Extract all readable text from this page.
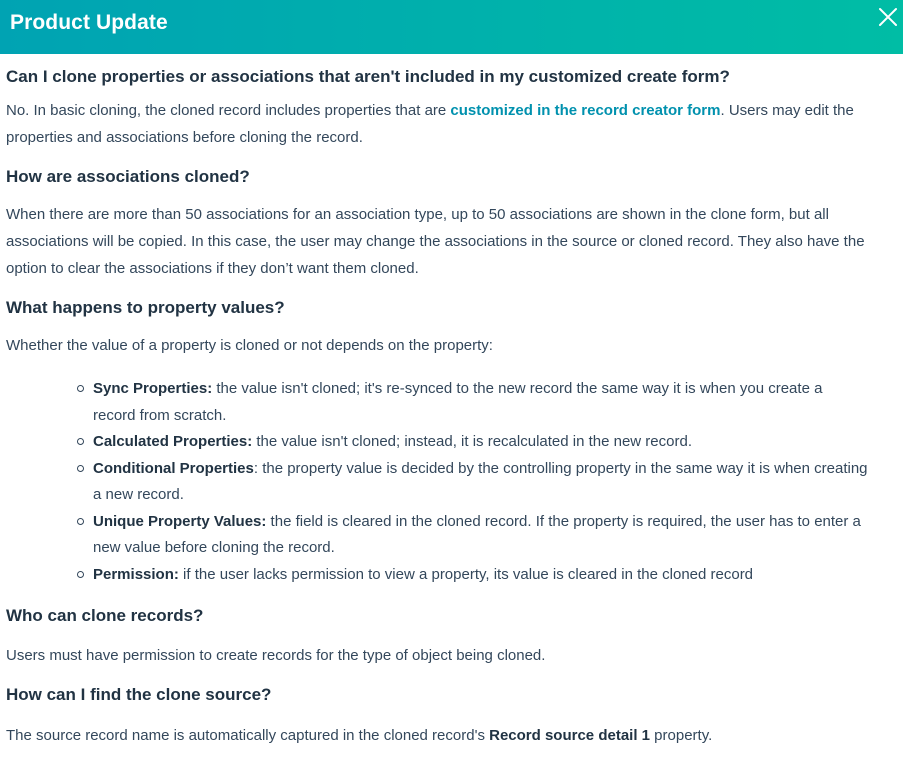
Product Update
Can I clone properties or associations that aren't included in my customized create form?

No. In basic cloning, the cloned record includes properties that are customized in the record creator form. Users may edit the properties and associations before cloning the record.

How are associations cloned?

When there are more than 50 associations for an association type, up to 50 associations are shown in the clone form, but all associations will be copied. In this case, the user may change the associations in the source or cloned record. They also have the option to clear the associations if they don’t want them cloned.

What happens to property values?

Whether the value of a property is cloned or not depends on the property:

Sync Properties: the value isn't cloned; it's re-synced to the new record the same way it is when you create a record from scratch.
Calculated Properties: the value isn't cloned; instead, it is recalculated in the new record.
Conditional Properties: the property value is decided by the controlling property in the same way it is when creating a new record.
Unique Property Values: the field is cleared in the cloned record. If the property is required, the user has to enter a new value before cloning the record.
Permission: if the user lacks permission to view a property, its value is cleared in the cloned record
Who can clone records?

Users must have permission to create records for the type of object being cloned.

How can I find the clone source?

The source record name is automatically captured in the cloned record's Record source detail 1 property.
